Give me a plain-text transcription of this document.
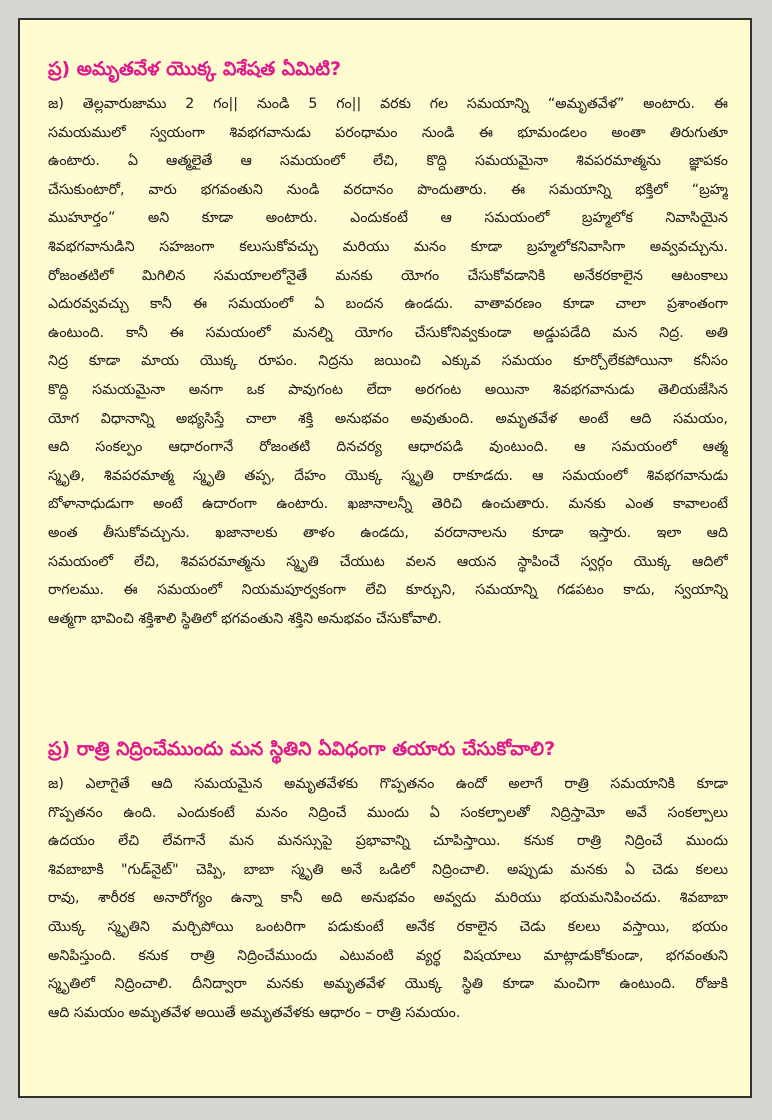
ప్ర) అమృతవేళ యొక్క విశేషత ఏమిటి?
జ) తెల్లవారుజాము 2 గం|| నుండి 5 గం|| వరకు గల సమయాన్ని “అమృతవేళ” అంటారు. ఈ
సమయములో స్వయంగా శివభగవానుడు పరంధామం నుండి ఈ భూమండలం అంతా తిరుగుతూ
ఉంటారు. ఏ ఆత్మలైతే ఆ సమయంలో లేచి, కొద్ది సమయమైనా శివపరమాత్మను జ్ఞాపకం
చేసుకుంటారో, వారు భగవంతుని నుండి వరదానం పొందుతారు. ఈ సమయాన్ని భక్తిలో “బ్రహ్మ
ముహూర్తం” అని కూడా అంటారు. ఎందుకంటే ఆ సమయంలో బ్రహ్మలోక నివాసియైన
శివభగవానుడిని సహజంగా కలుసుకోవచ్చు మరియు మనం కూడా బ్రహ్మలోకనివాసిగా అవ్వవచ్చును.
రోజంతటిలో మిగిలిన సమయాలలోనైతే మనకు యోగం చేసుకోవడానికి అనేకరకాలైన ఆటంకాలు
ఎదురవ్వవచ్చు కానీ ఈ సమయంలో ఏ బందన ఉండదు. వాతావరణం కూడా చాలా ప్రశాంతంగా
ఉంటుంది. కానీ ఈ సమయంలో మనల్ని యోగం చేసుకోనివ్వకుండా అడ్డుపడేది మన నిద్ర. అతి
నిద్ర కూడా మాయ యొక్క రూపం. నిద్రను జయించి ఎక్కువ సమయం కూర్చోలేకపోయినా కనీసం
కొద్ది సమయమైనా అనగా ఒక పావుగంట లేదా అరగంట అయినా శివభగవానుడు తెలియజేసిన
యోగ విధానాన్ని అభ్యసిస్తే చాలా శక్తి అనుభవం అవుతుంది. అమృతవేళ అంటే ఆది సమయం,
ఆది సంకల్పం ఆధారంగానే రోజంతటి దినచర్య ఆధారపడి వుంటుంది. ఆ సమయంలో ఆత్మ
స్మృతి, శివపరమాత్మ స్మృతి తప్ప, దేహం యొక్క స్మృతి రాకూడదు. ఆ సమయంలో శివభగవానుడు
బోళానాధుడుగా అంటే ఉదారంగా ఉంటారు. ఖజానాలన్నీ తెరిచి ఉంచుతారు. మనకు ఎంత కావాలంటే
అంత తీసుకోవచ్చును. ఖజానాలకు తాళం ఉండదు, వరదానాలను కూడా ఇస్తారు. ఇలా ఆది
సమయంలో లేచి, శివపరమాత్మను స్మృతి చేయుట వలన ఆయన స్థాపించే స్వర్గం యొక్క ఆదిలో
రాగలము. ఈ సమయంలో నియమపూర్వకంగా లేచి కూర్చుని, సమయాన్ని గడపటం కాదు, స్వయాన్ని
ఆత్మగా భావించి శక్తిశాలి స్థితిలో భగవంతుని శక్తిని అనుభవం చేసుకోవాలి.
ప్ర) రాత్రి నిద్రించేముందు మన స్థితిని ఏవిధంగా తయారు చేసుకోవాలి?
జ) ఎలాగైతే ఆది సమయమైన అమృతవేళకు గొప్పతనం ఉందో అలాగే రాత్రి సమయానికి కూడా
గొప్పతనం ఉంది. ఎందుకంటే మనం నిద్రించే ముందు ఏ సంకల్పాలతో నిద్రిస్తామో అవే సంకల్పాలు
ఉదయం లేచి లేవగానే మన మనస్సుపై ప్రభావాన్ని చూపిస్తాయి. కనుక రాత్రి నిద్రించే ముందు
శివబాబాకి "గుడ్‌నైట్" చెప్పి, బాబా స్మృతి అనే ఒడిలో నిద్రించాలి. అప్పుడు మనకు ఏ చెడు కలలు
రావు, శారీరక అనారోగ్యం ఉన్నా కానీ అది అనుభవం అవ్వదు మరియు భయమనిపించదు. శివబాబా
యొక్క స్మృతిని మర్చిపోయి ఒంటరిగా పడుకుంటే అనేక రకాలైన చెడు కలలు వస్తాయి, భయం
అనిపిస్తుంది. కనుక రాత్రి నిద్రించేముందు ఎటువంటి వ్యర్థ విషయాలు మాట్లాడుకోకుండా, భగవంతుని
స్మృతిలో నిద్రించాలి. దీనిద్వారా మనకు అమృతవేళ యొక్క స్థితి కూడా మంచిగా ఉంటుంది. రోజుకి
ఆది సమయం అమృతవేళ అయితే అమృతవేళకు ఆధారం – రాత్రి సమయం.
